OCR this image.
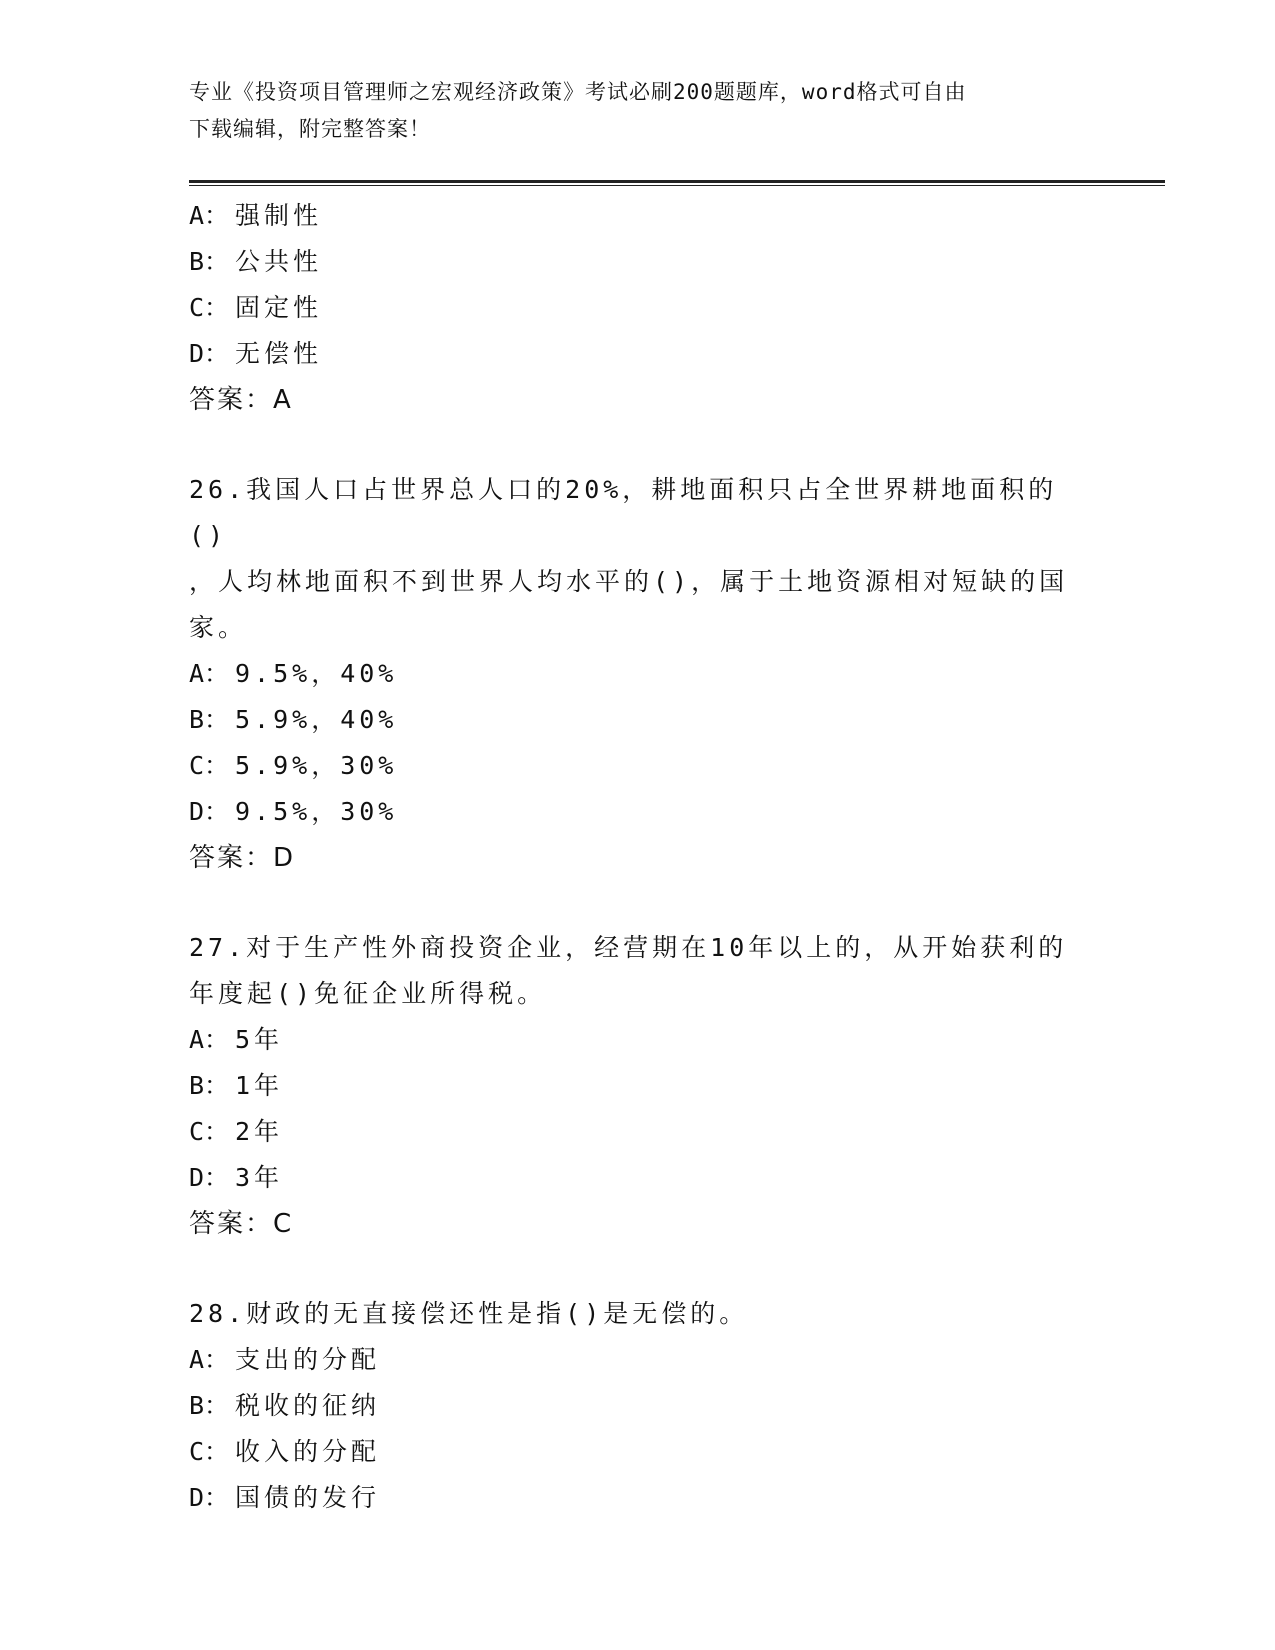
专业《投资项目管理师之宏观经济政策》考试必刷200题题库，word格式可自由
下载编辑，附完整答案！
A： 强制性
B： 公共性
C： 固定性
D： 无偿性
答案：A
26.我国人口占世界总人口的20%，耕地面积只占全世界耕地面积的()
，人均林地面积不到世界人均水平的()，属于土地资源相对短缺的国
家。
A： 9.5%，40%
B： 5.9%，40%
C： 5.9%，30%
D： 9.5%，30%
答案：D
27.对于生产性外商投资企业，经营期在10年以上的，从开始获利的
年度起()免征企业所得税。
A： 5年
B： 1年
C： 2年
D： 3年
答案：C
28.财政的无直接偿还性是指()是无偿的。
A： 支出的分配
B： 税收的征纳
C： 收入的分配
D： 国债的发行
